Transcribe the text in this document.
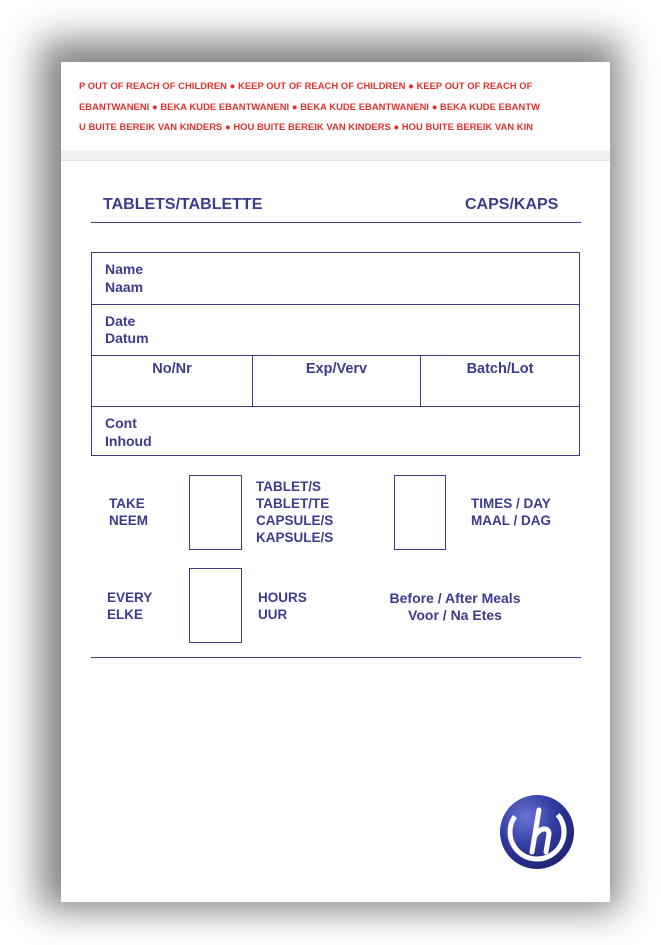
P OUT OF REACH OF CHILDREN ● KEEP OUT OF REACH OF CHILDREN ● KEEP OUT OF REACH OF
EBANTWANENI ● BEKA KUDE EBANTWANENI ● BEKA KUDE EBANTWANENI ● BEKA KUDE EBANTW
U BUITE BEREIK VAN KINDERS ● HOU BUITE BEREIK VAN KINDERS ● HOU BUITE BEREIK VAN KIN
TABLETS/TABLETTE	CAPS/KAPS
Name
Naam
Date
Datum
No/Nr	Exp/Verv	Batch/Lot
Cont
Inhoud
TAKE
NEEM
TABLET/S
TABLET/TE
CAPSULE/S
KAPSULE/S
TIMES / DAY
MAAL / DAG
EVERY
ELKE
HOURS
UUR
Before / After Meals
Voor / Na Etes
